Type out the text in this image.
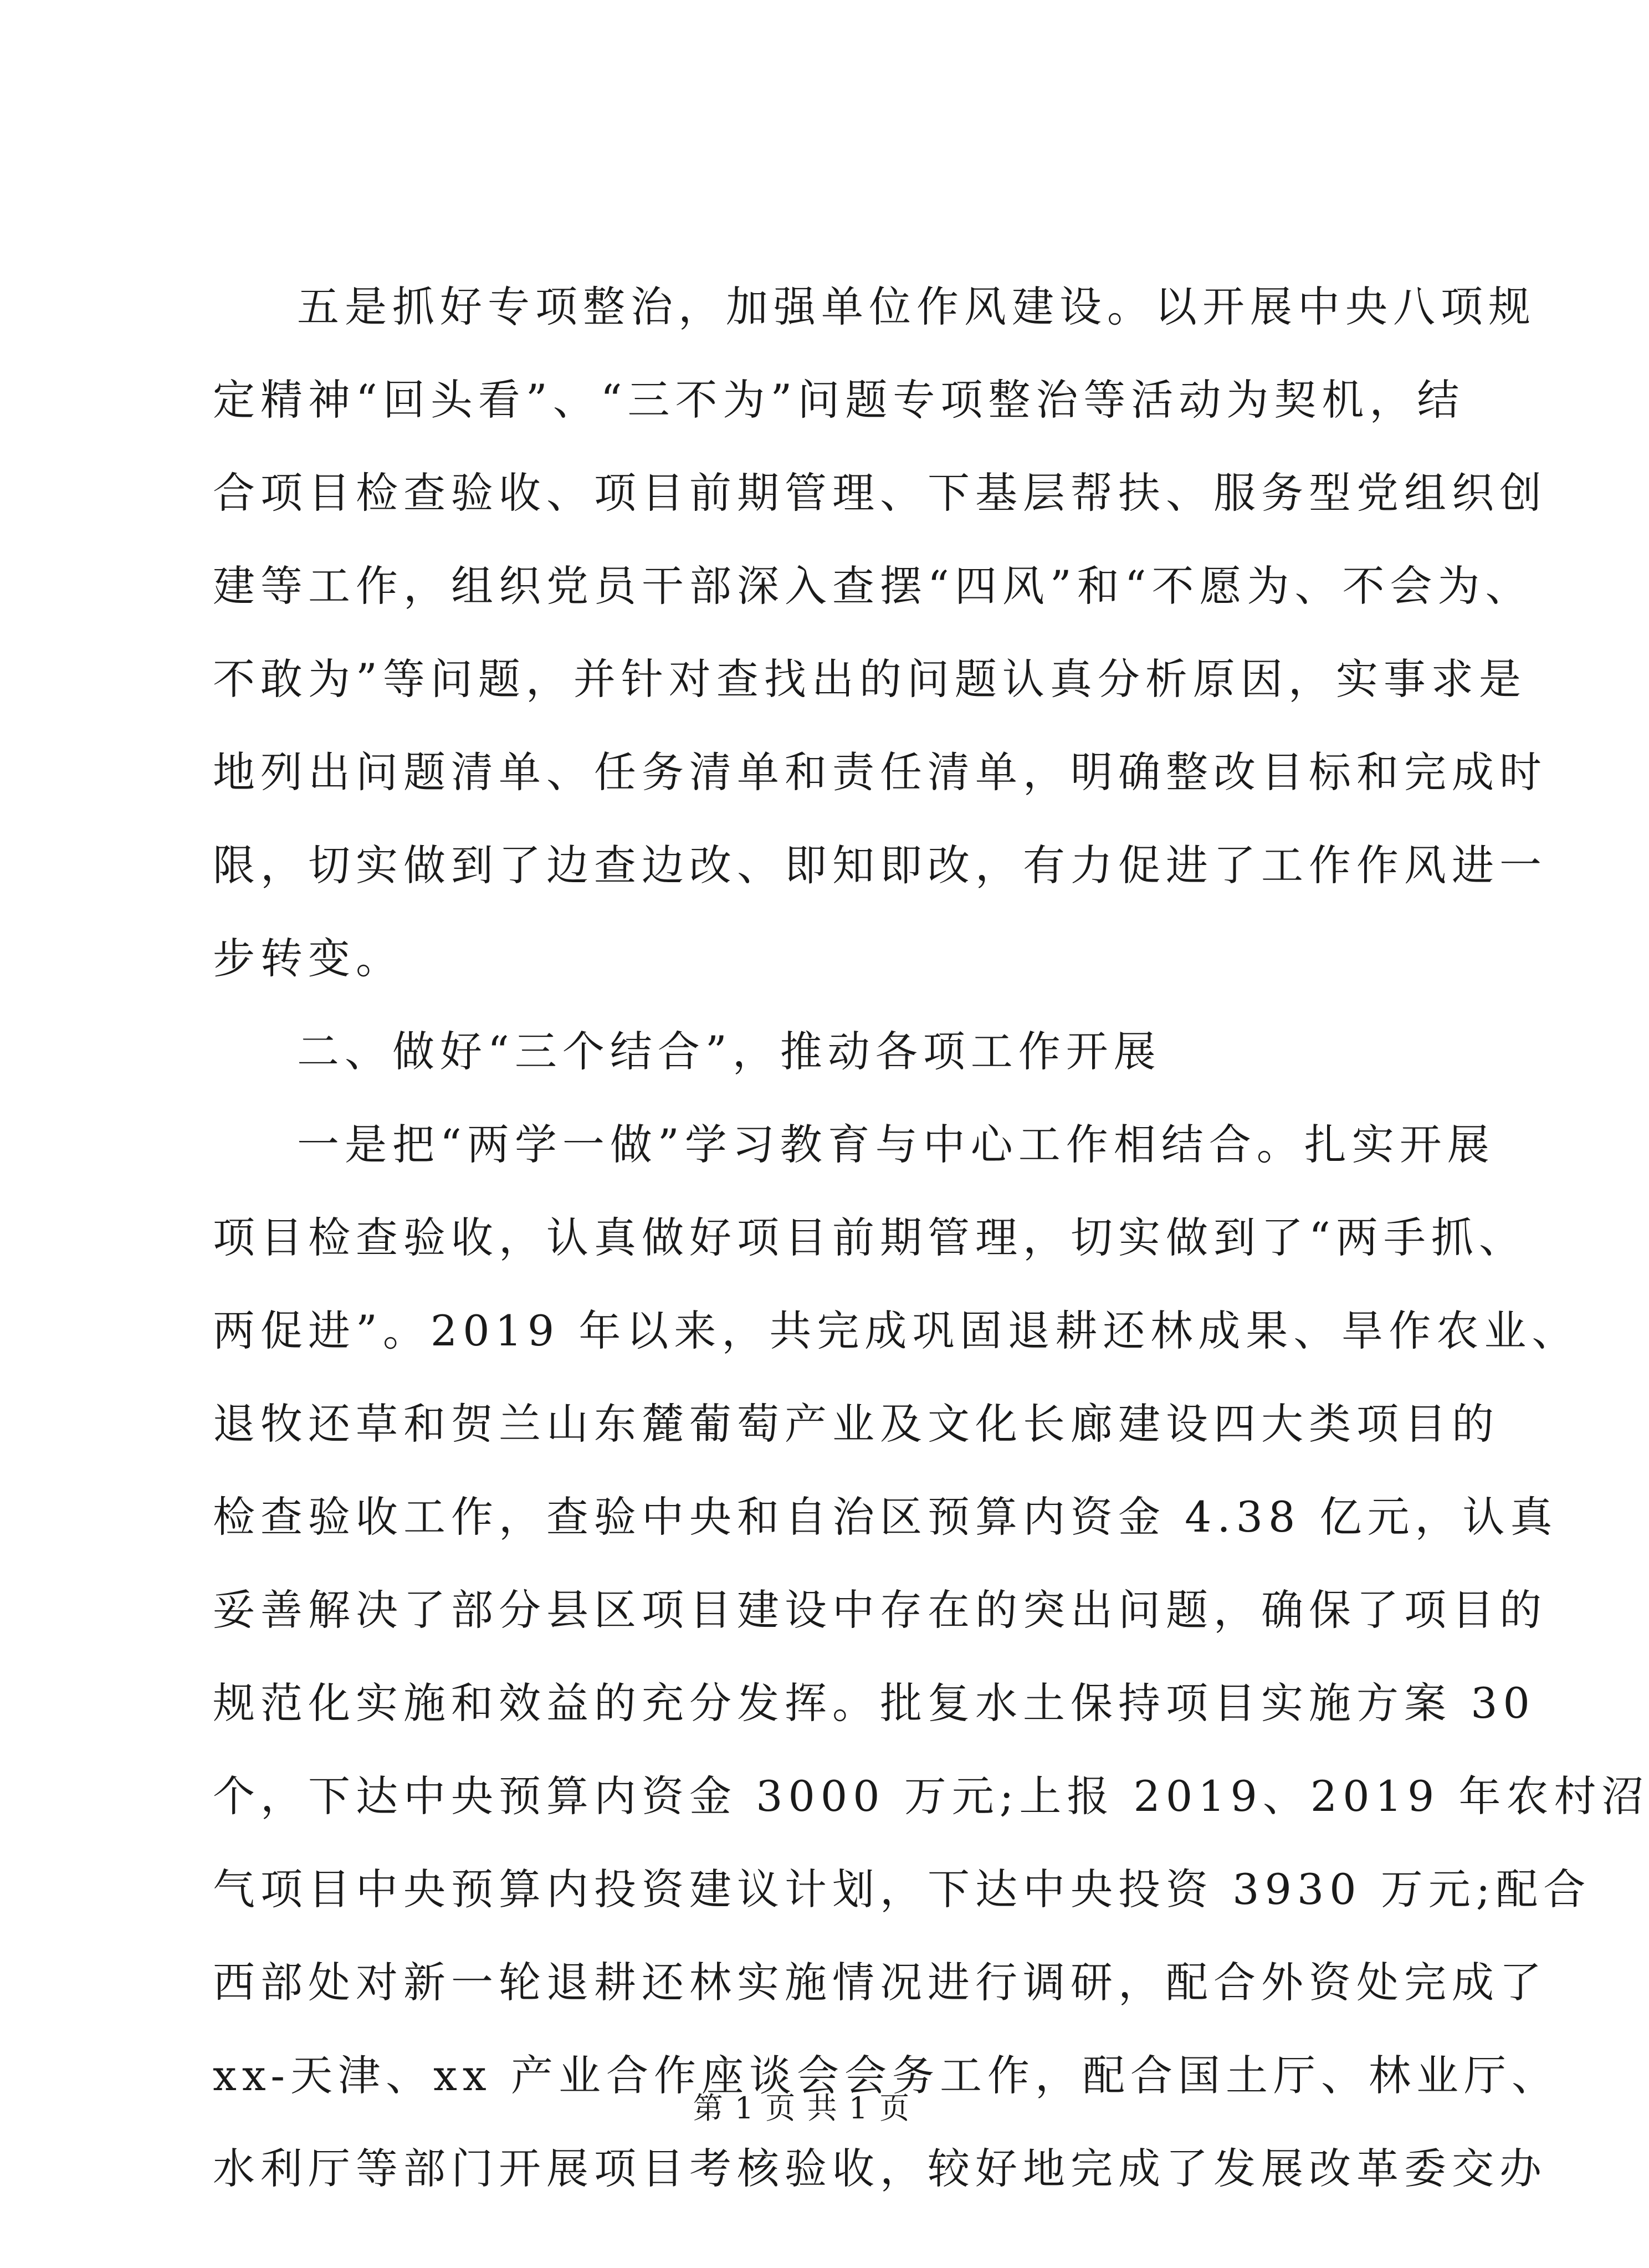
五是抓好专项整治，加强单位作风建设。以开展中央八项规
定精神“回头看”、“三不为”问题专项整治等活动为契机，结
合项目检查验收、项目前期管理、下基层帮扶、服务型党组织创
建等工作，组织党员干部深入查摆“四风”和“不愿为、不会为、
不敢为”等问题，并针对查找出的问题认真分析原因，实事求是
地列出问题清单、任务清单和责任清单，明确整改目标和完成时
限，切实做到了边查边改、即知即改，有力促进了工作作风进一
步转变。
二、做好“三个结合”，推动各项工作开展
一是把“两学一做”学习教育与中心工作相结合。扎实开展
项目检查验收，认真做好项目前期管理，切实做到了“两手抓、
两促进”。2019 年以来，共完成巩固退耕还林成果、旱作农业、
退牧还草和贺兰山东麓葡萄产业及文化长廊建设四大类项目的
检查验收工作，查验中央和自治区预算内资金 4.38 亿元，认真
妥善解决了部分县区项目建设中存在的突出问题，确保了项目的
规范化实施和效益的充分发挥。批复水土保持项目实施方案 30
个，下达中央预算内资金 3000 万元;上报 2019、2019 年农村沼
气项目中央预算内投资建议计划，下达中央投资 3930 万元;配合
西部处对新一轮退耕还林实施情况进行调研，配合外资处完成了
xx-天津、xx 产业合作座谈会会务工作，配合国土厅、林业厅、
水利厅等部门开展项目考核验收，较好地完成了发展改革委交办
第 1 页 共 1 页
